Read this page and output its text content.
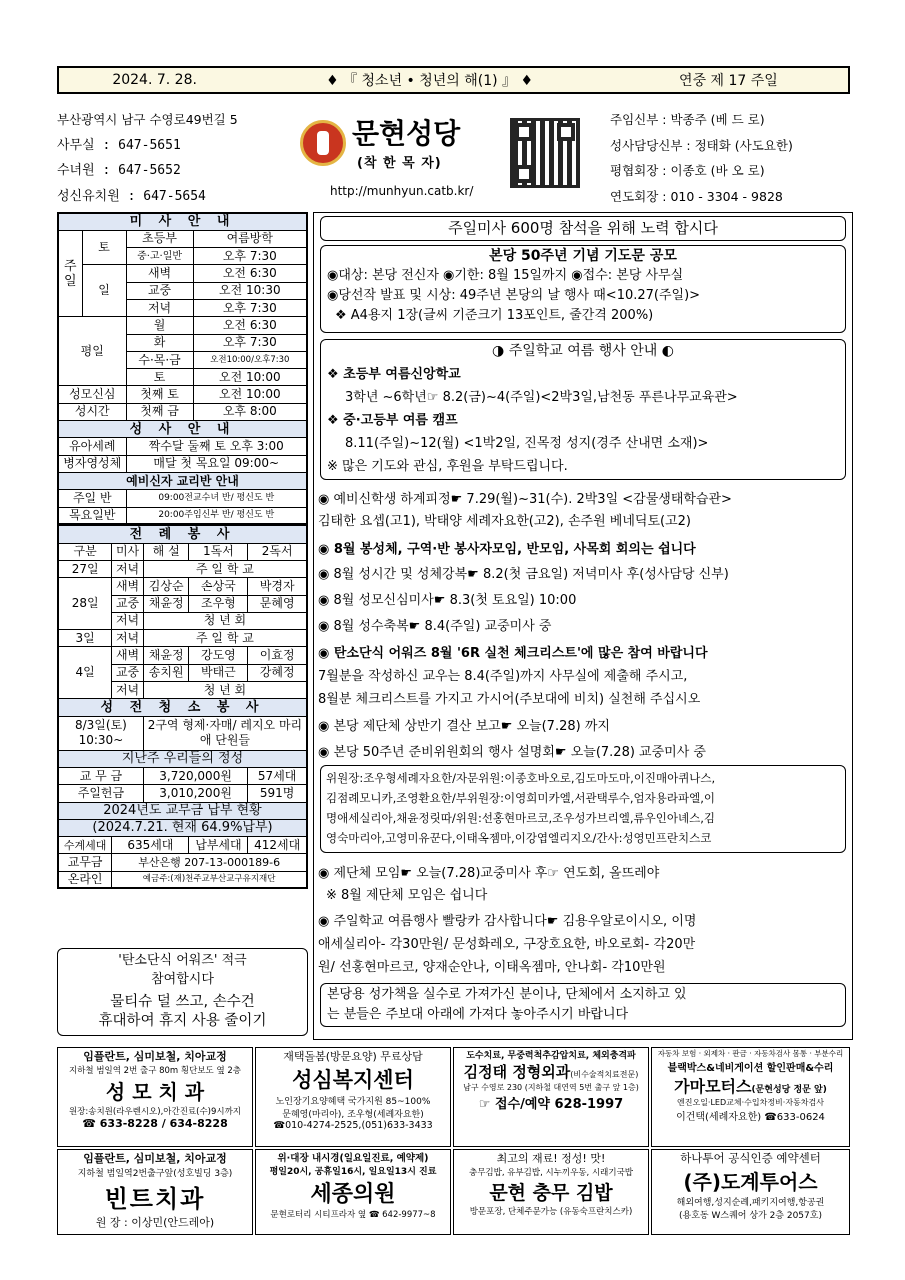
2024. 7. 28.	♦ 『 청소년 • 청년의 해(1) 』 ♦	연중 제 17 주일
부산광역시 남구 수영로49번길 5
사무실 : 647-5651
수녀원 : 647-5652
성신유치원 : 647-5654
문현성당
(착 한 목 자)
http://munhyun.catb.kr/
주임신부 : 박종주 (베 드 로)
성사담당신부 : 정태화 (사도요한)
평협회장 : 이종호 (바 오 로)
연도회장 : 010 - 3304 - 9828
미 사 안 내			
주일	토	초등부	여름방학
		중·고·일반	오후 7:30
	일	새벽	오전 6:30
		교중	오전 10:30
		저녁	오후 7:30
평일		월	오전 6:30
		화	오후 7:30
		수·목·금	오전10:00/오후7:30
		토	오전 10:00
성모신심		첫째 토	오전 10:00
성시간		첫째 금	오후 8:00
성 사 안 내			
유아세례		짝수달 둘째 토 오후 3:00	
병자영성체		매달 첫 목요일 09:00~	
예비신자 교리반 안내			
주일 반		09:00전교수녀 반/ 평신도 반	
목요일반		20:00주임신부 반/ 평신도 반	
전 례 봉 사				
구분	미사	해 설	1독서	2독서
27일	저녁	주 일 학 교		
28일	새벽	김상순	손상국	박경자
	교중	채윤정	조우형	문혜영
	저녁	청 년 회		
3일	저녁	주 일 학 교		
4일	새벽	채윤정	강도영	이효정
	교중	송치원	박태근	강혜정
	저녁	청 년 회		
성 전 청 소 봉 사				
8/3일(토) 10:30~		2구역 형제·자매/ 레지오 마리애 단원들		
지난주 우리들의 정성				
교 무 금		3,720,000원		57세대
주일헌금		3,010,200원		591명
2024년도 교무금 납부 현황				
(2024.7.21. 현재 64.9%납부)				
수계세대	635세대		납부세대	412세대
교무금	부산은행 207-13-000189-6			
온라인	예금주:(재)천주교부산교구유지재단			
'탄소단식 어워즈' 적극
참여합시다
물티슈 덜 쓰고, 손수건
휴대하여 휴지 사용 줄이기
주일미사 600명 참석을 위해 노력 합시다
본당 50주년 기념 기도문 공모
◉대상: 본당 전신자 ◉기한: 8월 15일까지 ◉접수: 본당 사무실
◉당선작 발표 및 시상: 49주년 본당의 날 행사 때<10.27(주일)>
❖ A4용지 1장(글씨 기준크기 13포인트, 줄간격 200%)
◑ 주일학교 여름 행사 안내 ◐
❖ 초등부 여름신앙학교
3학년 ~6학년☞ 8.2(금)~4(주일)<2박3일,남천동 푸른나무교육관>
❖ 중·고등부 여름 캠프
8.11(주일)~12(월) <1박2일, 진목정 성지(경주 산내면 소재)>
※ 많은 기도와 관심, 후원을 부탁드립니다.
◉ 예비신학생 하계피정☛ 7.29(월)~31(수). 2박3일 <감물생태학습관>
김태한 요셉(고1), 박태양 세례자요한(고2), 손주원 베네딕토(고2)
◉ 8월 봉성체, 구역·반 봉사자모임, 반모임, 사목회 회의는 쉽니다
◉ 8월 성시간 및 성체강복☛ 8.2(첫 금요일) 저녁미사 후(성사담당 신부)
◉ 8월 성모신심미사☛ 8.3(첫 토요일) 10:00
◉ 8월 성수축복☛ 8.4(주일) 교중미사 중
◉ 탄소단식 어워즈 8월 '6R 실천 체크리스트'에 많은 참여 바랍니다
7월분을 작성하신 교우는 8.4(주일)까지 사무실에 제출해 주시고,
8월분 체크리스트를 가지고 가시어(주보대에 비치) 실천해 주십시오
◉ 본당 제단체 상반기 결산 보고☛ 오늘(7.28) 까지
◉ 본당 50주년 준비위원회의 행사 설명회☛ 오늘(7.28) 교중미사 중
위원장:조우형세례자요한/자문위원:이종호바오로,김도마도마,이진매아퀴나스,
김점례모니카,조영환요한/부위원장:이영희미카엘,서관택루수,엄자용라파엘,이
명애세실리아,채윤정릿따/위원:선홍현마르코,조우성가브리엘,류우인아녜스,김
영숙마리아,고영미유꾼다,이태옥젬마,이강엽엘리지오/간사:성영민프란치스코
◉ 제단체 모임☛ 오늘(7.28)교중미사 후☞ 연도회, 올뜨레야
※ 8월 제단체 모임은 쉽니다
◉ 주일학교 여름행사 빨랑카 감사합니다☛ 김용우알로이시오, 이명
애세실리아- 각30만원/ 문성화레오, 구장호요한, 바오로회- 각20만
원/ 선홍현마르코, 양재순안나, 이태옥젬마, 안나회- 각10만원
본당용 성가책을 실수로 가져가신 분이나, 단체에서 소지하고 있
는 분들은 주보대 아래에 가져다 놓아주시기 바랍니다
임플란트, 심미보철, 치아교정
지하철 범일역 2번 출구 80m 횡단보도 옆 2층
성 모 치 과
원장:송치원(라우렌시오),아간진료(수)9시까지
☎ 633-8228 / 634-8228
재택돌봄(방문요양) 무료상담
성심복지센터
노인장기요양혜택 국가지원 85~100%
문혜영(마리아), 조우형(세례자요한)
☎010-4274-2525,(051)633-3433
도수치료, 무중력척추감압치료, 체외충격파
김정태 정형외과(비수술적치료전문)
남구 수영로 230 (지하철 대연역 5번 출구 앞 1층)
☞ 접수/예약 628-1997
자동차 보험 · 외제차 · 판금 · 자동차검사 몸통 · 부분수리
블랙박스&네비게이션 할인판매&수리
가마모터스(문현성당 정문 앞)
엔진오일·LED교체·수입차정비·자동차검사
이건택(세례자요한) ☎633-0624
임플란트, 심미보철, 치아교정
지하철 범일역2번출구앞(성호빌딩 3층)
빈트치과
원 장 : 이상민(안드레아)
위·대장 내시경(일요일진료, 예약제)
평일20시, 공휴일16시, 일요일13시 진료
세종의원
문현로터리 시티프라자 옆 ☎ 642-9977~8
최고의 재료! 정성! 맛!
충무김밥, 유부김밥, 시누끼우동, 시래기국밥
문현 충무 김밥
방문포장, 단체주문가능 (유동숙프란치스카)
하나투어 공식인증 예약센터
(주)도계투어스
해외여행,성지순례,패키지여행,항공권
(용호동 W스퀘어 상가 2층 2057호)
